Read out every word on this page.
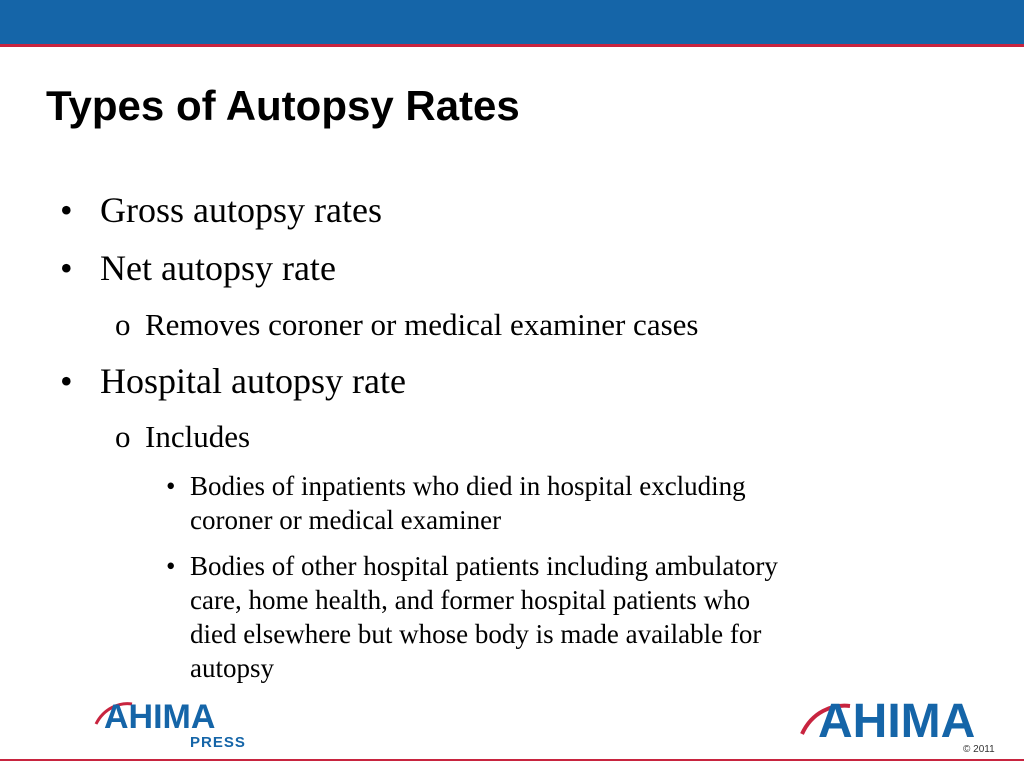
Types of Autopsy Rates
• Gross autopsy rates
• Net autopsy rate
o Removes coroner or medical examiner cases
• Hospital autopsy rate
o Includes
• Bodies of inpatients who died in hospital excluding
coroner or medical examiner
• Bodies of other hospital patients including ambulatory
care, home health, and former hospital patients who
died elsewhere but whose body is made available for
autopsy
AHIMA
PRESS	AHIMA
© 2011
